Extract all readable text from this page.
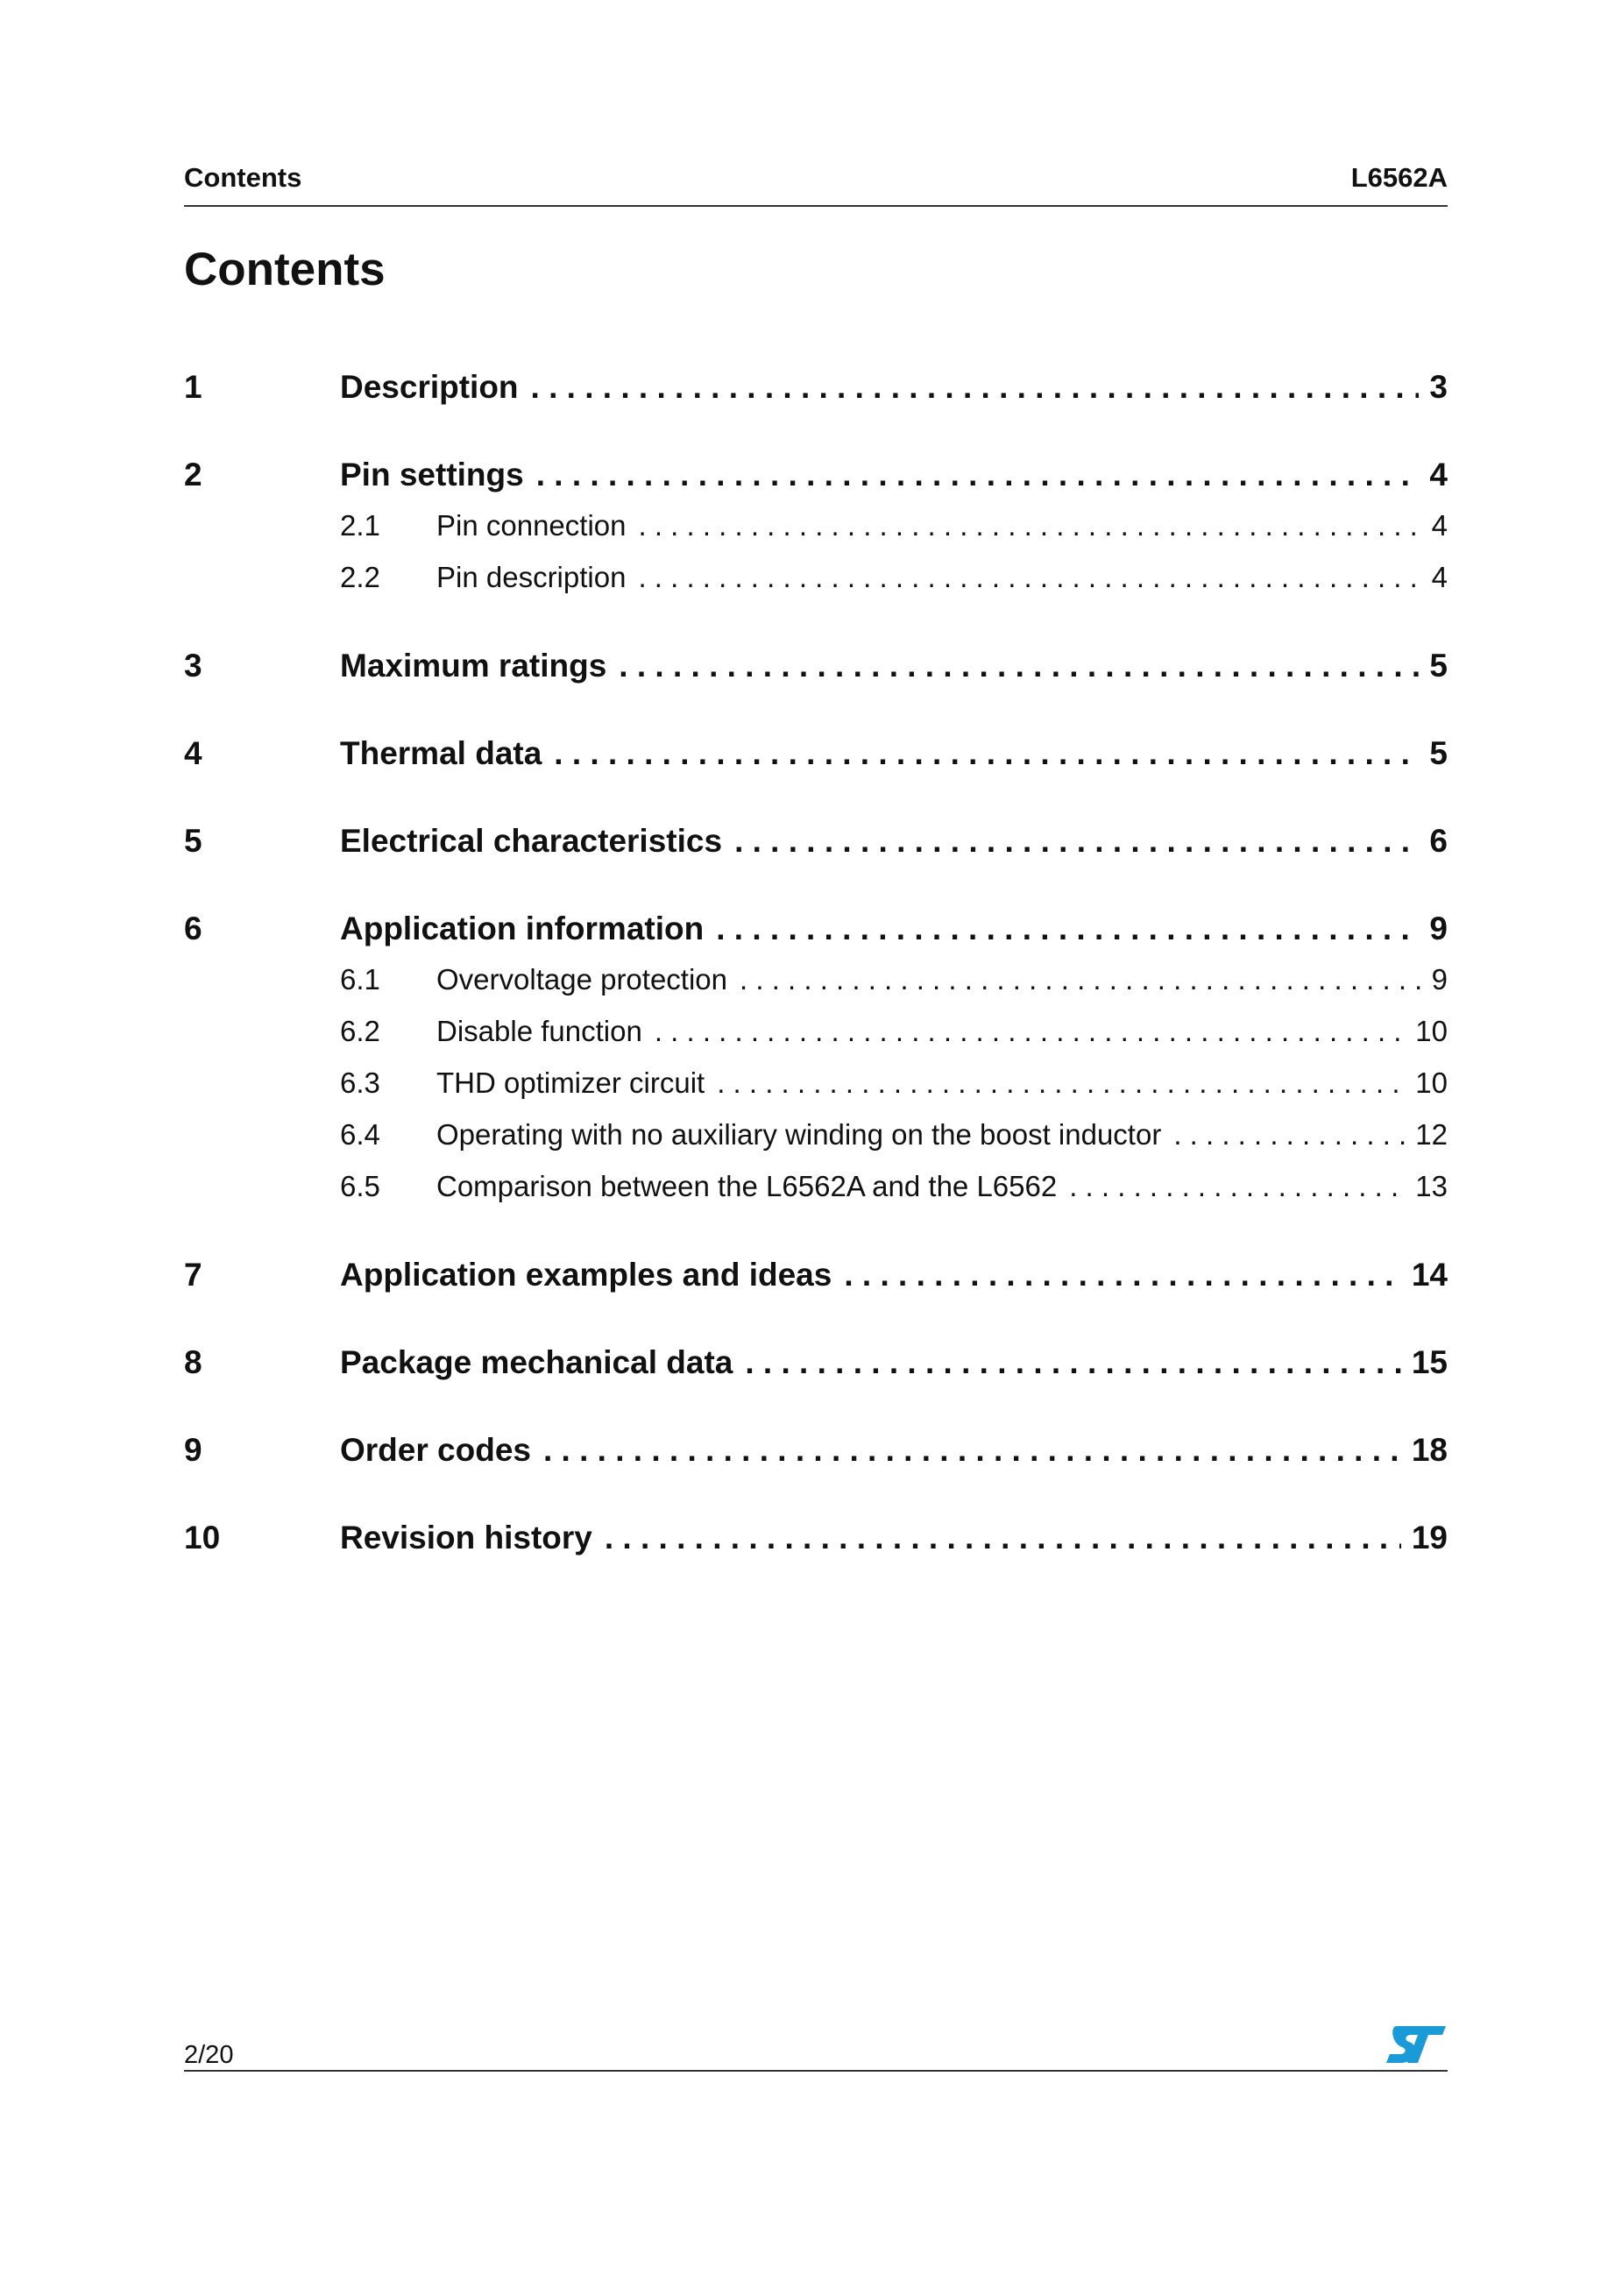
Contents	L6562A
Contents
1	Description . . .	3
2	Pin settings . . .	4
2.1	Pin connection . . .	4
2.2	Pin description . . .	4
3	Maximum ratings . . .	5
4	Thermal data . . .	5
5	Electrical characteristics . . .	6
6	Application information . . .	9
6.1	Overvoltage protection . . .	9
6.2	Disable function . . .	10
6.3	THD optimizer circuit . . .	10
6.4	Operating with no auxiliary winding on the boost inductor . . .	12
6.5	Comparison between the L6562A and the L6562 . . .	13
7	Application examples and ideas . . .	14
8	Package mechanical data . . .	15
9	Order codes . . .	18
10	Revision history . . .	19
2/20
